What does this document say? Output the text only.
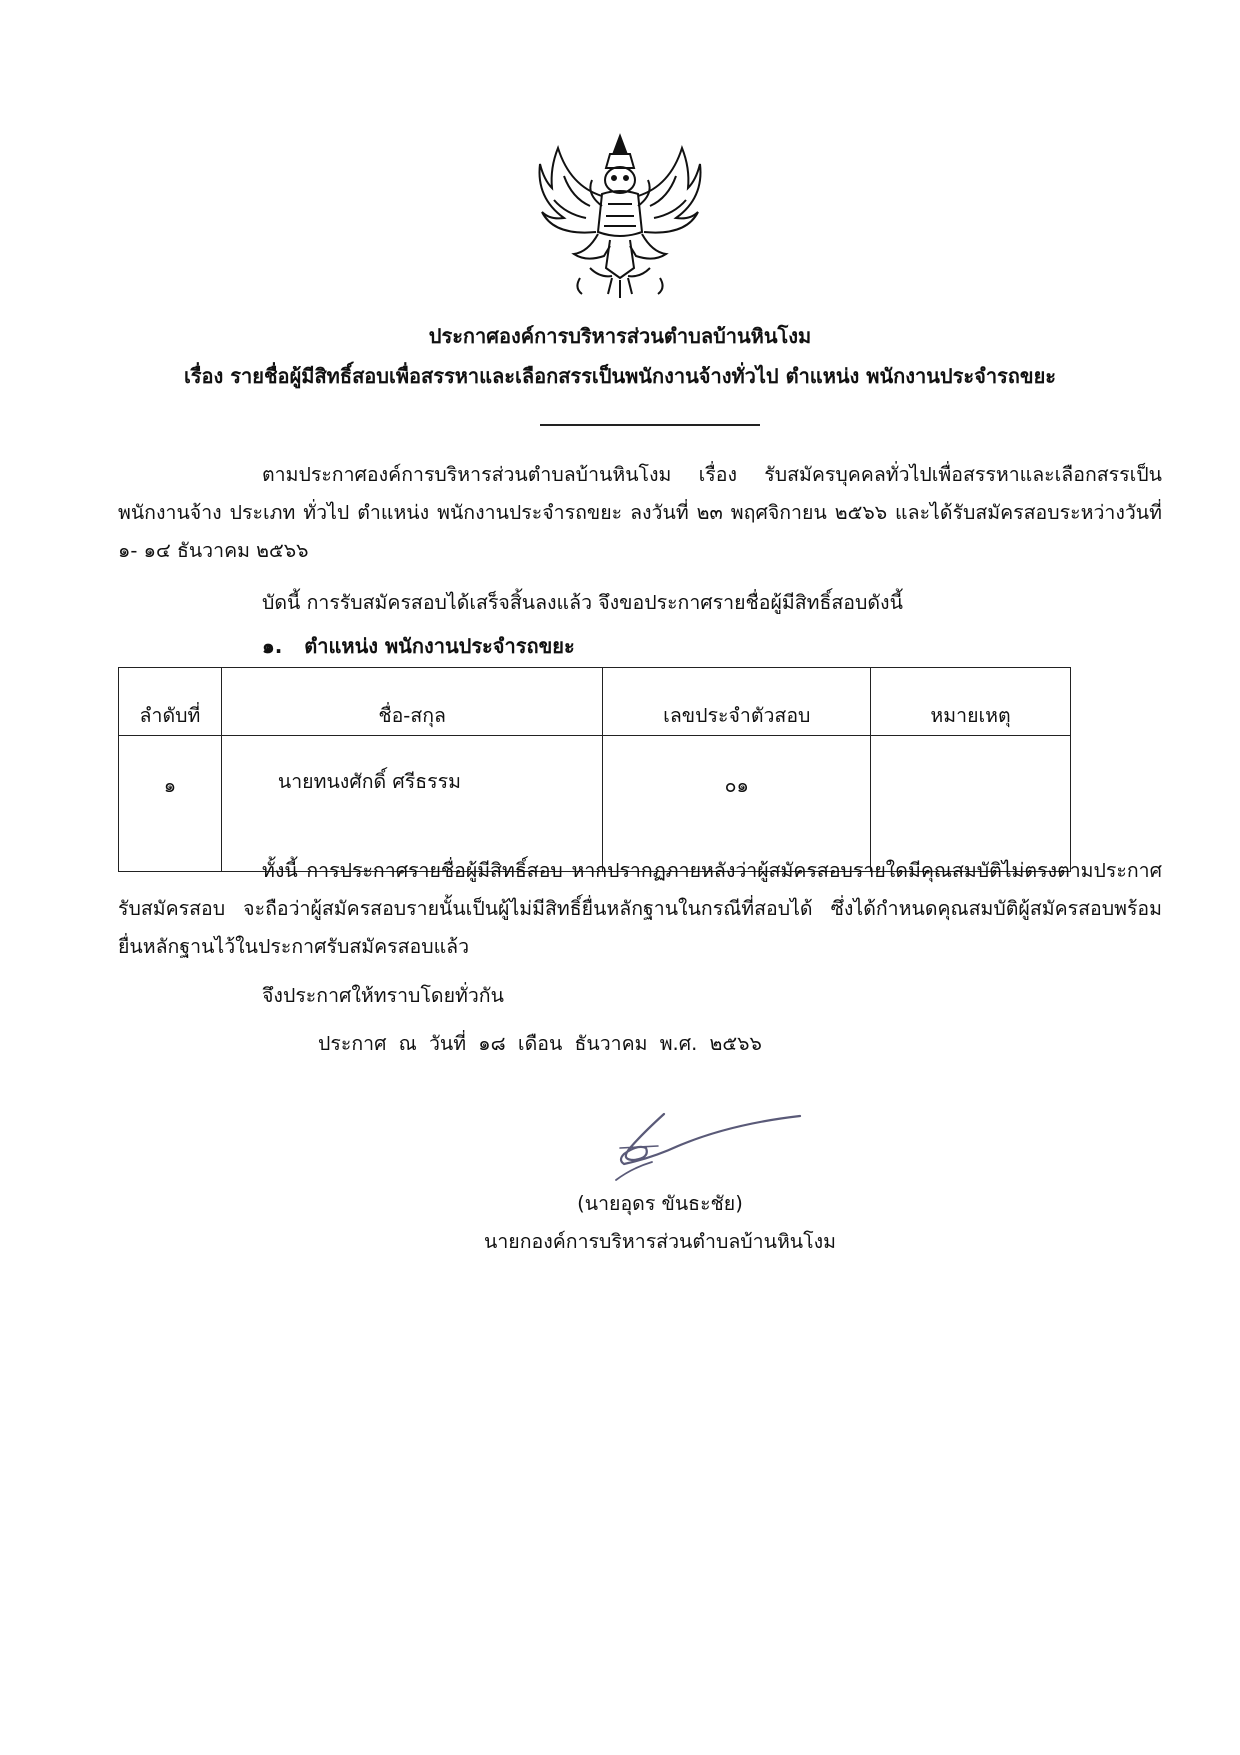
ประกาศองค์การบริหารส่วนตำบลบ้านหินโงม
เรื่อง รายชื่อผู้มีสิทธิ์สอบเพื่อสรรหาและเลือกสรรเป็นพนักงานจ้างทั่วไป ตำแหน่ง พนักงานประจำรถขยะ
ตามประกาศองค์การบริหารส่วนตำบลบ้านหินโงม เรื่อง รับสมัครบุคคลทั่วไปเพื่อสรรหาและเลือกสรรเป็นพนักงานจ้าง ประเภท ทั่วไป ตำแหน่ง พนักงานประจำรถขยะ ลงวันที่ ๒๓ พฤศจิกายน ๒๕๖๖ และได้รับสมัครสอบระหว่างวันที่ ๑- ๑๔ ธันวาคม ๒๕๖๖
บัดนี้ การรับสมัครสอบได้เสร็จสิ้นลงแล้ว จึงขอประกาศรายชื่อผู้มีสิทธิ์สอบดังนี้
๑. ตำแหน่ง พนักงานประจำรถขยะ
ลำดับที่	ชื่อ-สกุล	เลขประจำตัวสอบ	หมายเหตุ
๑	นายทนงศักดิ์ ศรีธรรม	๐๑	
ทั้งนี้ การประกาศรายชื่อผู้มีสิทธิ์สอบ หากปรากฏภายหลังว่าผู้สมัครสอบรายใดมีคุณสมบัติไม่ตรงตามประกาศรับสมัครสอบ จะถือว่าผู้สมัครสอบรายนั้นเป็นผู้ไม่มีสิทธิ์ยื่นหลักฐานในกรณีที่สอบได้ ซึ่งได้กำหนดคุณสมบัติผู้สมัครสอบพร้อมยื่นหลักฐานไว้ในประกาศรับสมัครสอบแล้ว
จึงประกาศให้ทราบโดยทั่วกัน
ประกาศ ณ วันที่ ๑๘ เดือน ธันวาคม พ.ศ. ๒๕๖๖
(นายอุดร ขันธะชัย)
นายกองค์การบริหารส่วนตำบลบ้านหินโงม
